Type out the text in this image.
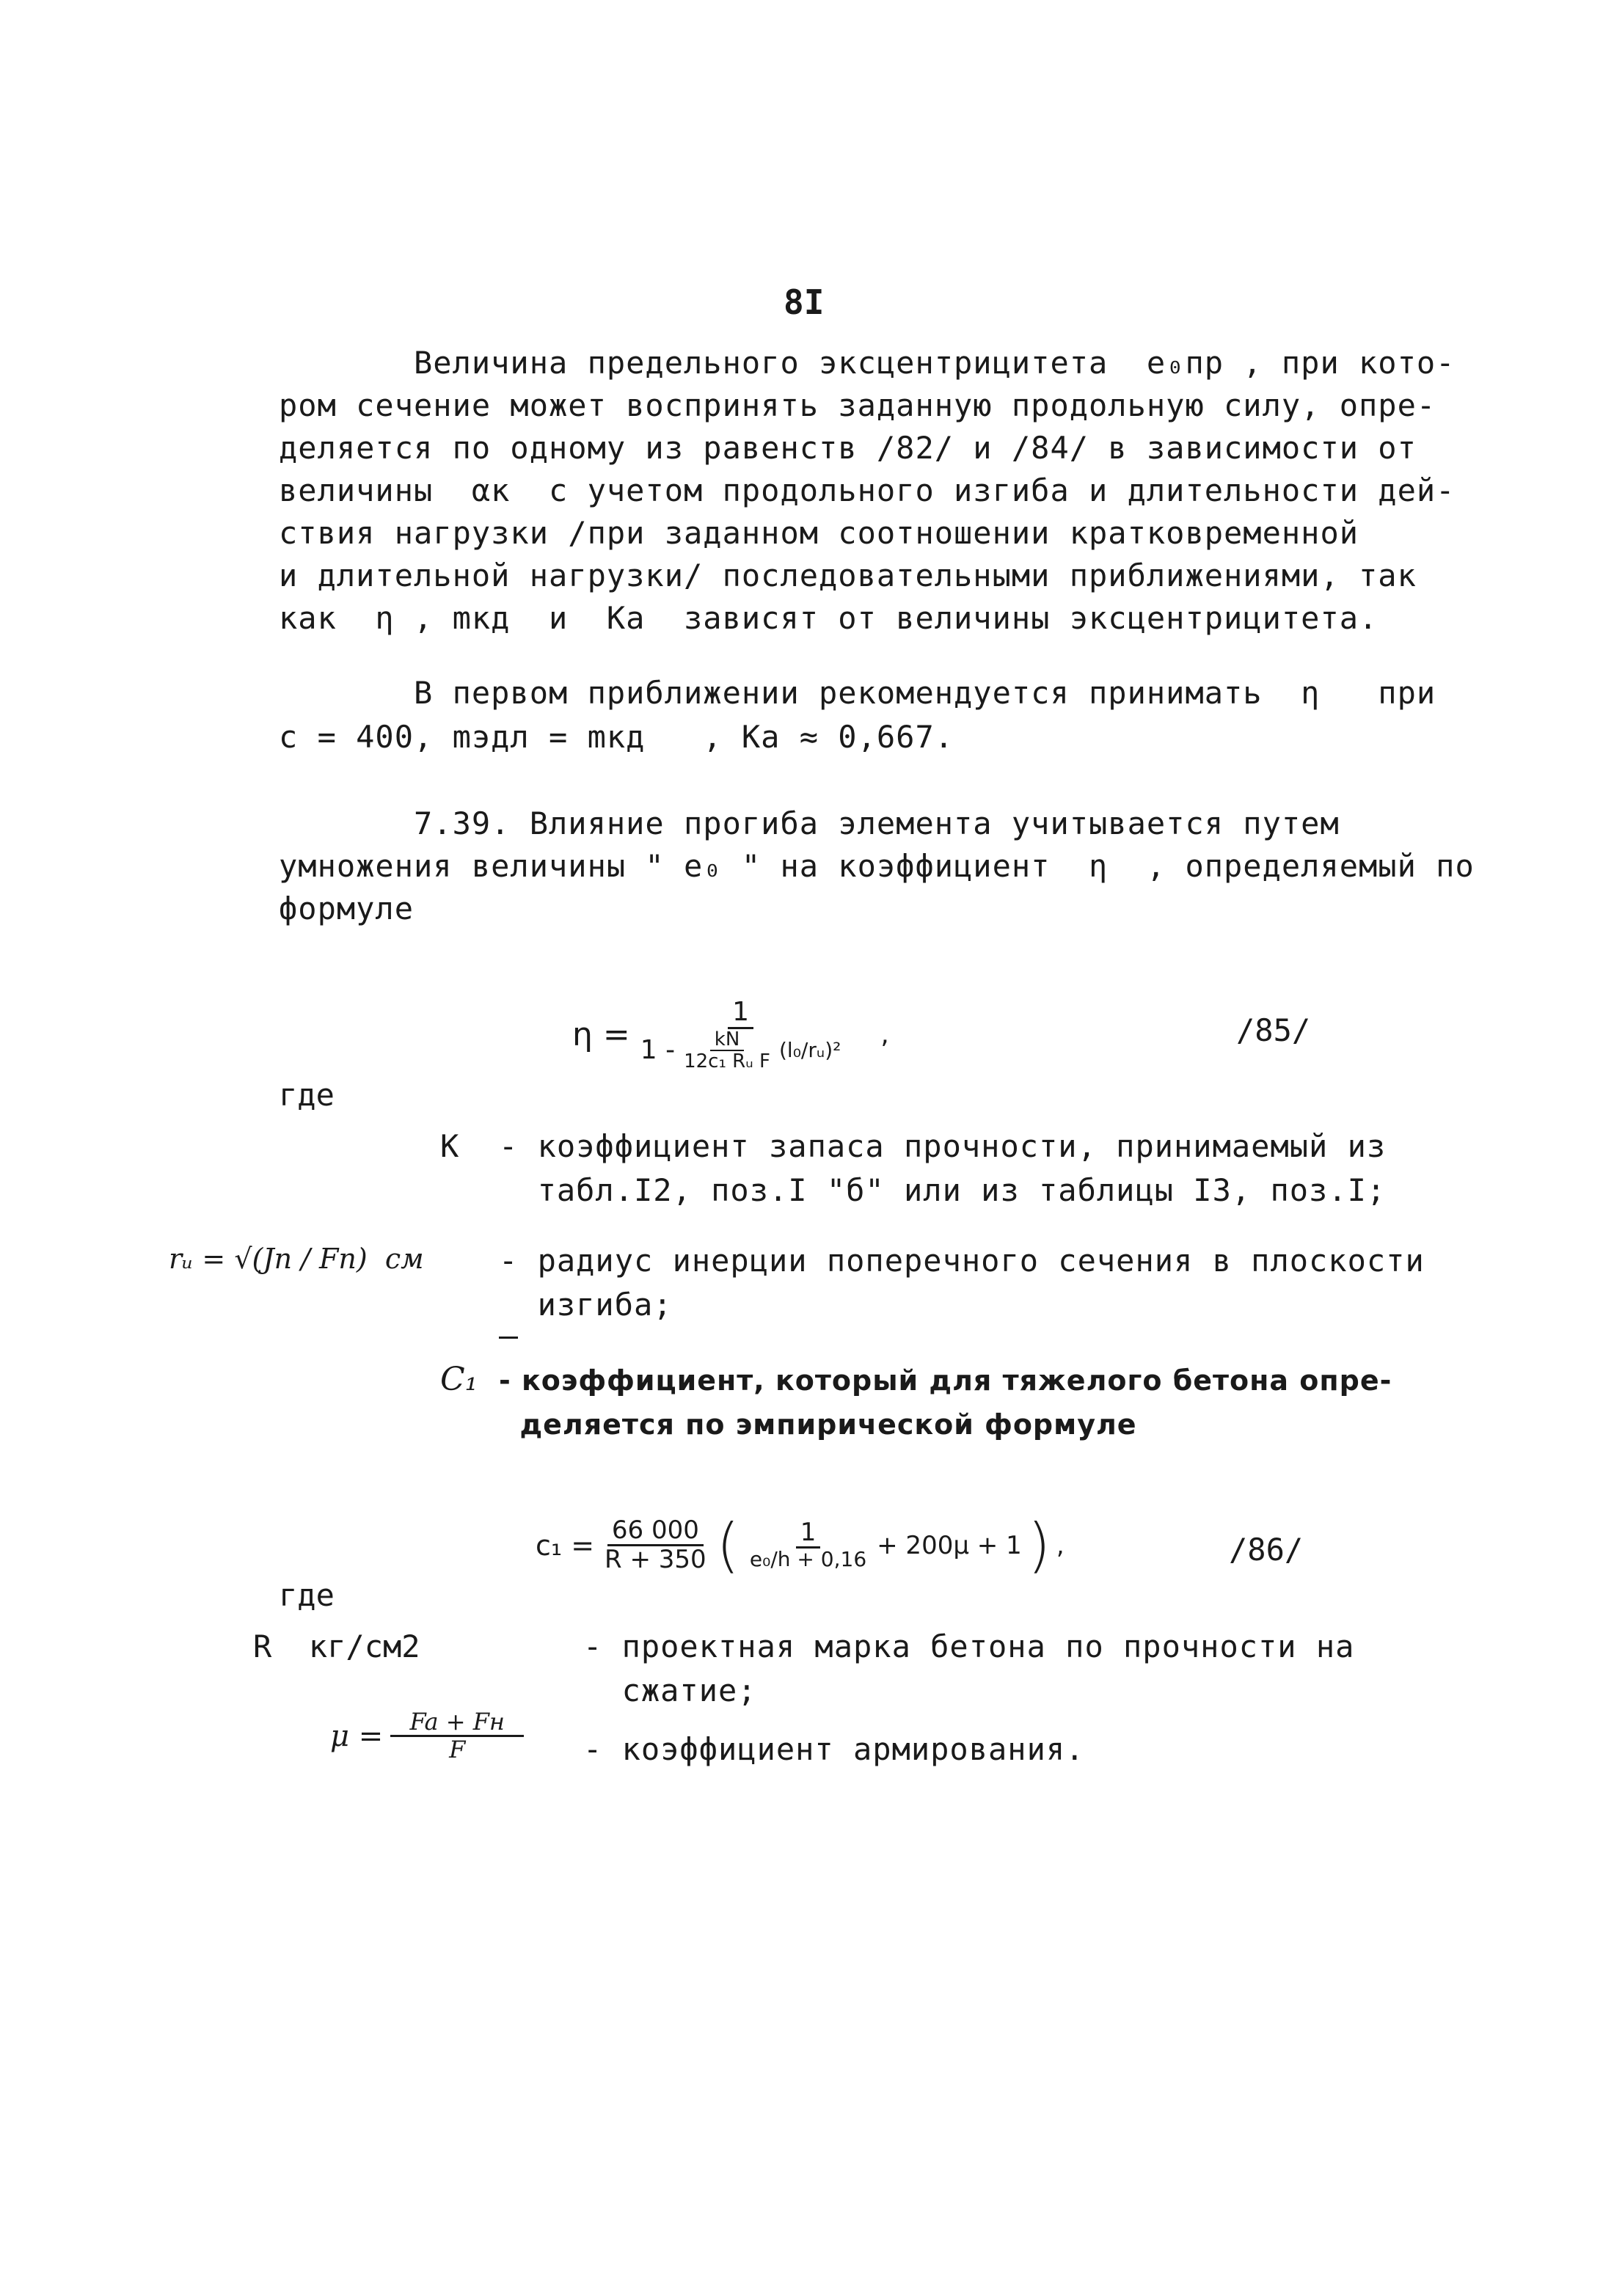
8I
Величина предельного эксцентрицитета  e₀пр , при кото-
ром сечение может воспринять заданную продольную силу, опре-
деляется по одному из равенств /82/ и /84/ в зависимости от
величины  αк  с учетом продольного изгиба и длительности дей-
ствия нагрузки /при заданном соотношении кратковременной
и длительной нагрузки/ последовательными приближениями, так
как  η , mкд  и  Ka  зависят от величины эксцентрицитета.
В первом приближении рекомендуется принимать  η   при
c = 400, mэдл = mкд   , Ka ≈ 0,667.
7.39. Влияние прогиба элемента учитывается путем
умножения величины " e₀ " на коэффициент  η  , определяемый по
формуле
η =
1
$1 - \frac{kN}{\text{12c₁ Rᵤ F}}$ (l₀/rᵤ)² ,	/85/
где
K - коэффициент запаса прочности, принимаемый из
табл.I2, поз.I "б" или из таблицы I3, поз.I;
rᵤ = √(Jп / Fп)  см - радиус инерции поперечного сечения в плоскости
изгиба;
C₁ - коэффициент, который для тяжелого бетона опре-
деляется по эмпирической формуле
$c_1 = \frac{66 000}{R + 350}$ ( $\frac{1}{\text{e₀/h + 0,16}} + 200\mu + 1$ ) ,	/86/
где
R  кг/см2	- проектная марка бетона по прочности на
сжатие;
$\mu = \frac{Fa + Fн}{F}$ - коэффициент армирования.
